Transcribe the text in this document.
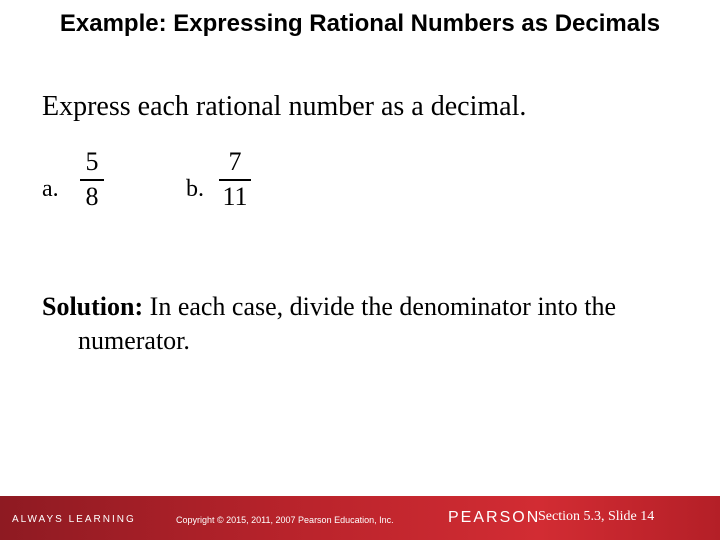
Example: Expressing Rational Numbers as Decimals
Express each rational number as a decimal.
a.
5
8	b.
7
11
Solution: In each case, divide the denominator into the numerator.
ALWAYS LEARNING	Copyright © 2015, 2011, 2007 Pearson Education, Inc.	PEARSON
Section 5.3, Slide 14
